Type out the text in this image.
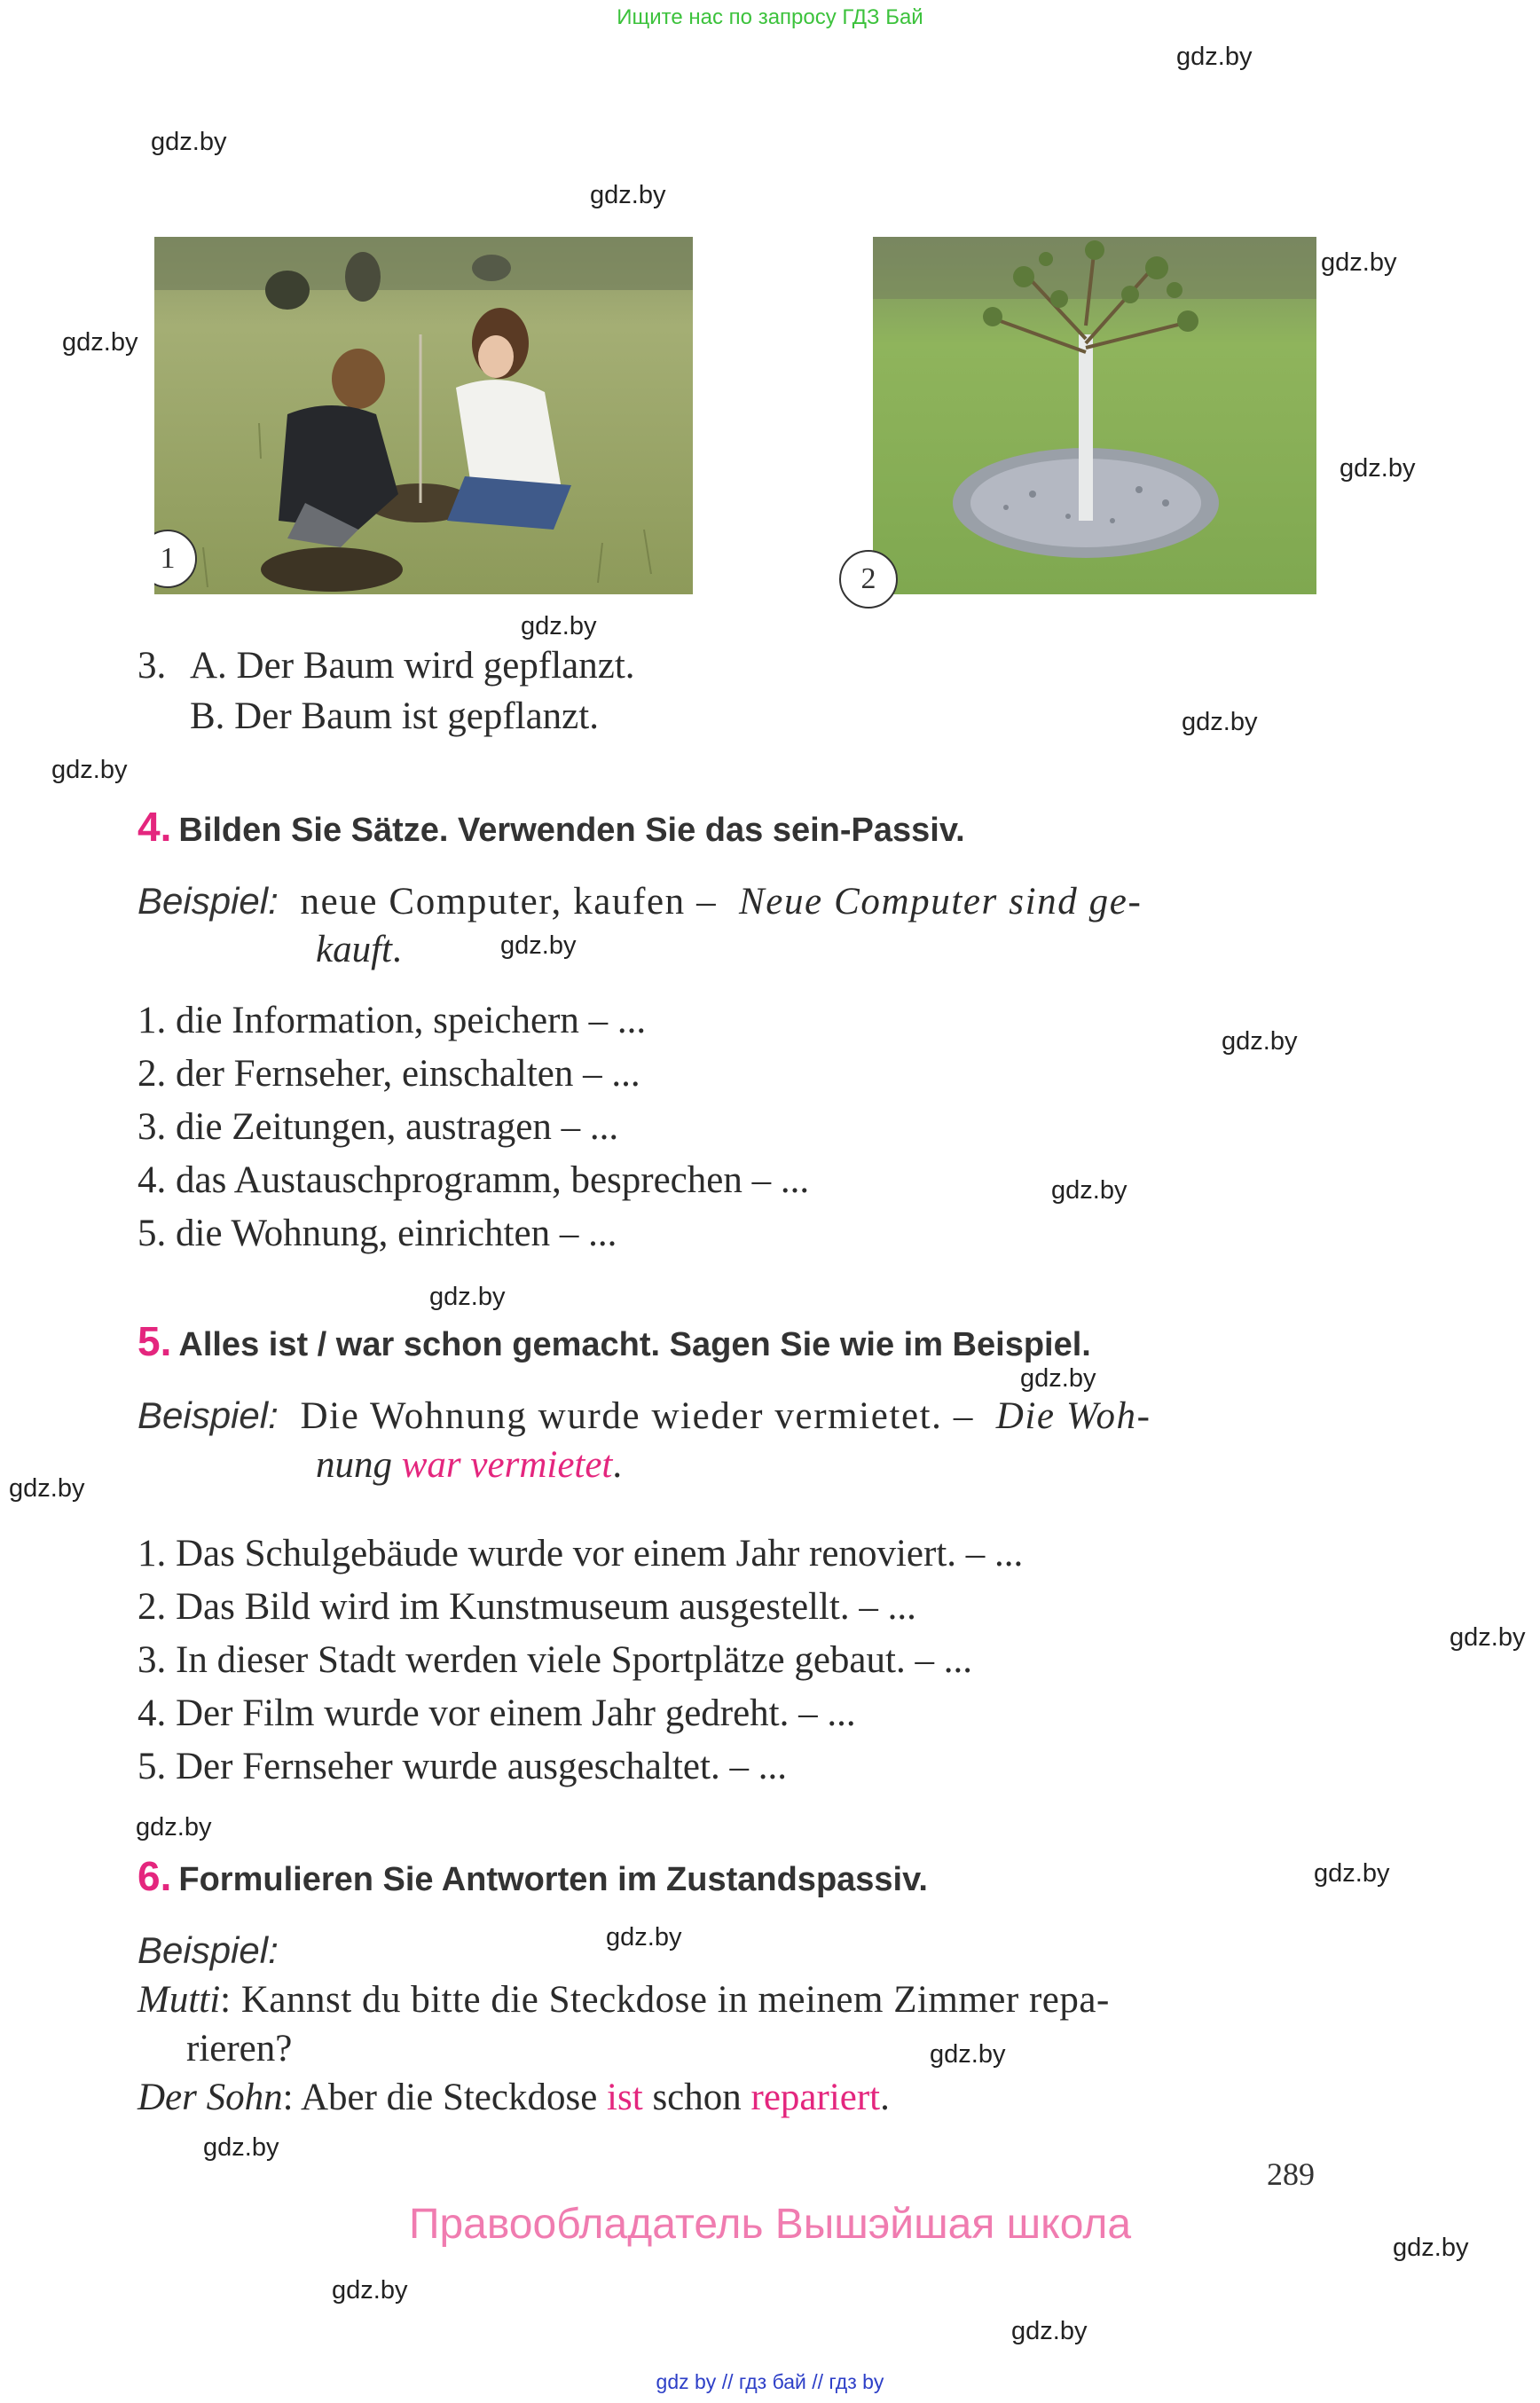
Ищите нас по запросу ГДЗ Бай
gdz.by
gdz.by
gdz.by
gdz.by
gdz.by
gdz.by
gdz.by
gdz.by
gdz.by
gdz.by
gdz.by
gdz.by
gdz.by
gdz.by
gdz.by
gdz.by
gdz.by
gdz.by
gdz.by
gdz.by
gdz.by
gdz.by
gdz.by
gdz.by
1
2
3. A. Der Baum wird gepflanzt.
B. Der Baum ist gepflanzt.
4. Bilden Sie Sätze. Verwenden Sie das sein-Passiv.
Beispiel: neue Computer, kaufen – Neue Computer sind ge-
kauft.
1. die Information, speichern – ...
2. der Fernseher, einschalten – ...
3. die Zeitungen, austragen – ...
4. das Austauschprogramm, besprechen – ...
5. die Wohnung, einrichten – ...
5. Alles ist / war schon gemacht. Sagen Sie wie im Beispiel.
Beispiel: Die Wohnung wurde wieder vermietet. – Die Woh-
nung war vermietet.
1. Das Schulgebäude wurde vor einem Jahr renoviert. – ...
2. Das Bild wird im Kunstmuseum ausgestellt. – ...
3. In dieser Stadt werden viele Sportplätze gebaut. – ...
4. Der Film wurde vor einem Jahr gedreht. – ...
5. Der Fernseher wurde ausgeschaltet. – ...
6. Formulieren Sie Antworten im Zustandspassiv.
Beispiel:
Mutti: Kannst du bitte die Steckdose in meinem Zimmer repa-
rieren?
Der Sohn: Aber die Steckdose ist schon repariert.
289
Правообладатель Вышэйшая школа
gdz by // гдз бай // гдз by
